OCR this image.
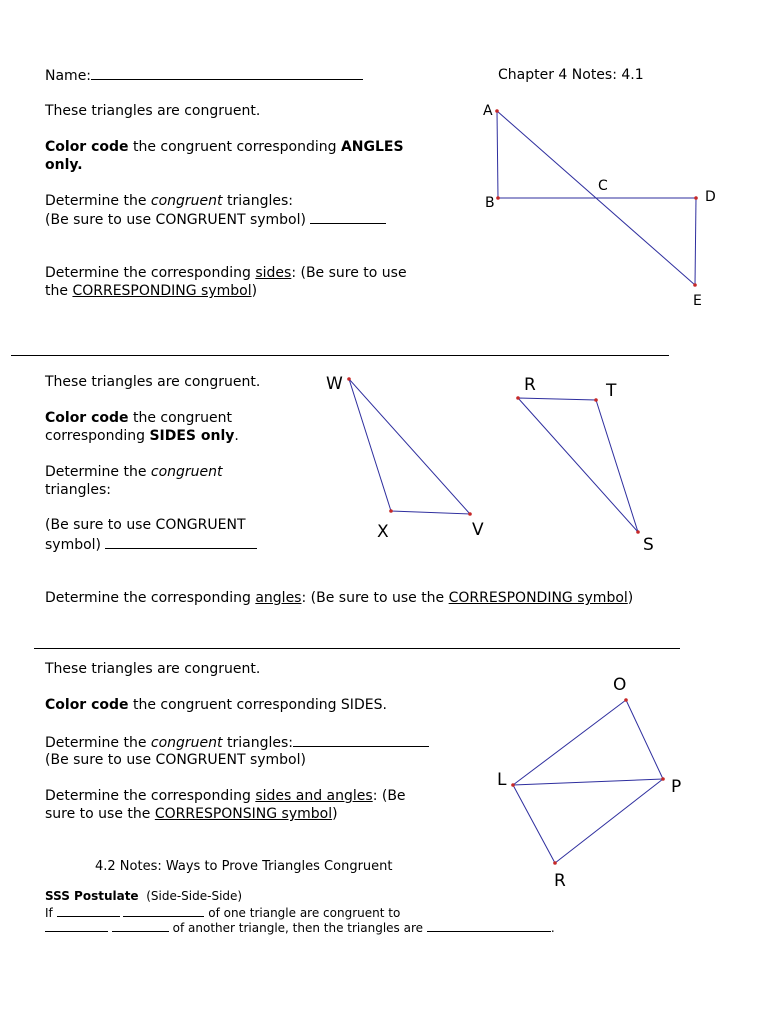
Name:	Chapter 4 Notes: 4.1
These triangles are congruent.
Color code the congruent corresponding ANGLES
only.
Determine the congruent triangles:
(Be sure to use CONGRUENT symbol)
Determine the corresponding sides: (Be sure to use
the CORRESPONDING symbol)
These triangles are congruent.
Color code the congruent
corresponding SIDES only.
Determine the congruent
triangles:
(Be sure to use CONGRUENT
symbol)
Determine the corresponding angles: (Be sure to use the CORRESPONDING symbol)
These triangles are congruent.
Color code the congruent corresponding SIDES.
Determine the congruent triangles:
(Be sure to use CONGRUENT symbol)
Determine the corresponding sides and angles: (Be
sure to use the CORRESPONSING symbol)
4.2 Notes: Ways to Prove Triangles Congruent
SSS Postulate  (Side-Side-Side)
If	of one triangle are congruent to
of another triangle, then the triangles are	.
A
B
C
D
E
W
X	V
R	T
S
O
L	P
R
